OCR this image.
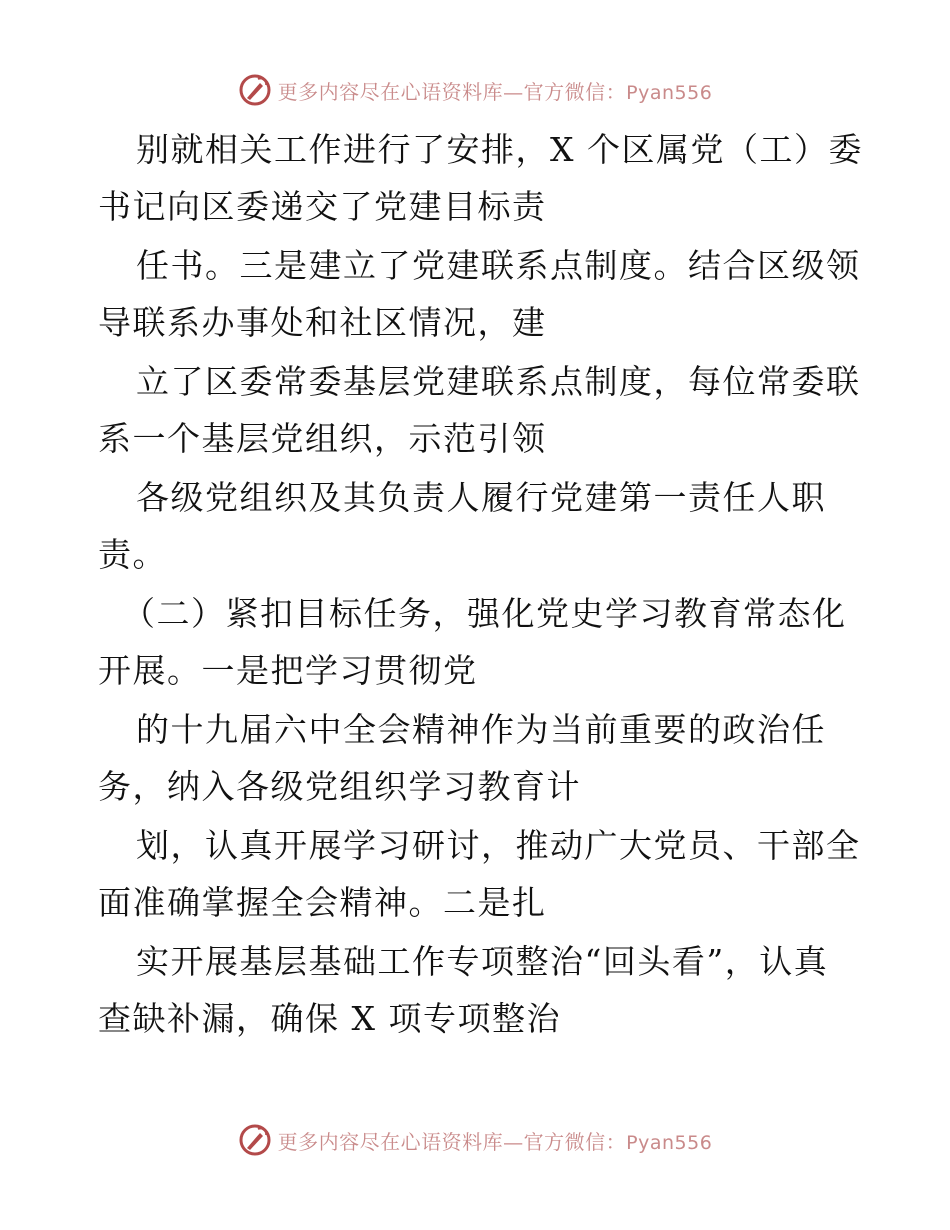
更多内容尽在心语资料库—官方微信：Pyan556
别就相关工作进行了安排，X 个区属党（工）委
书记向区委递交了党建目标责
任书。三是建立了党建联系点制度。结合区级领
导联系办事处和社区情况，建
立了区委常委基层党建联系点制度，每位常委联
系一个基层党组织，示范引领
各级党组织及其负责人履行党建第一责任人职
责。
（二）紧扣目标任务，强化党史学习教育常态化
开展。一是把学习贯彻党
的十九届六中全会精神作为当前重要的政治任
务，纳入各级党组织学习教育计
划，认真开展学习研讨，推动广大党员、干部全
面准确掌握全会精神。二是扎
实开展基层基础工作专项整治“回头看”，认真
查缺补漏，确保 X 项专项整治
更多内容尽在心语资料库—官方微信：Pyan556
